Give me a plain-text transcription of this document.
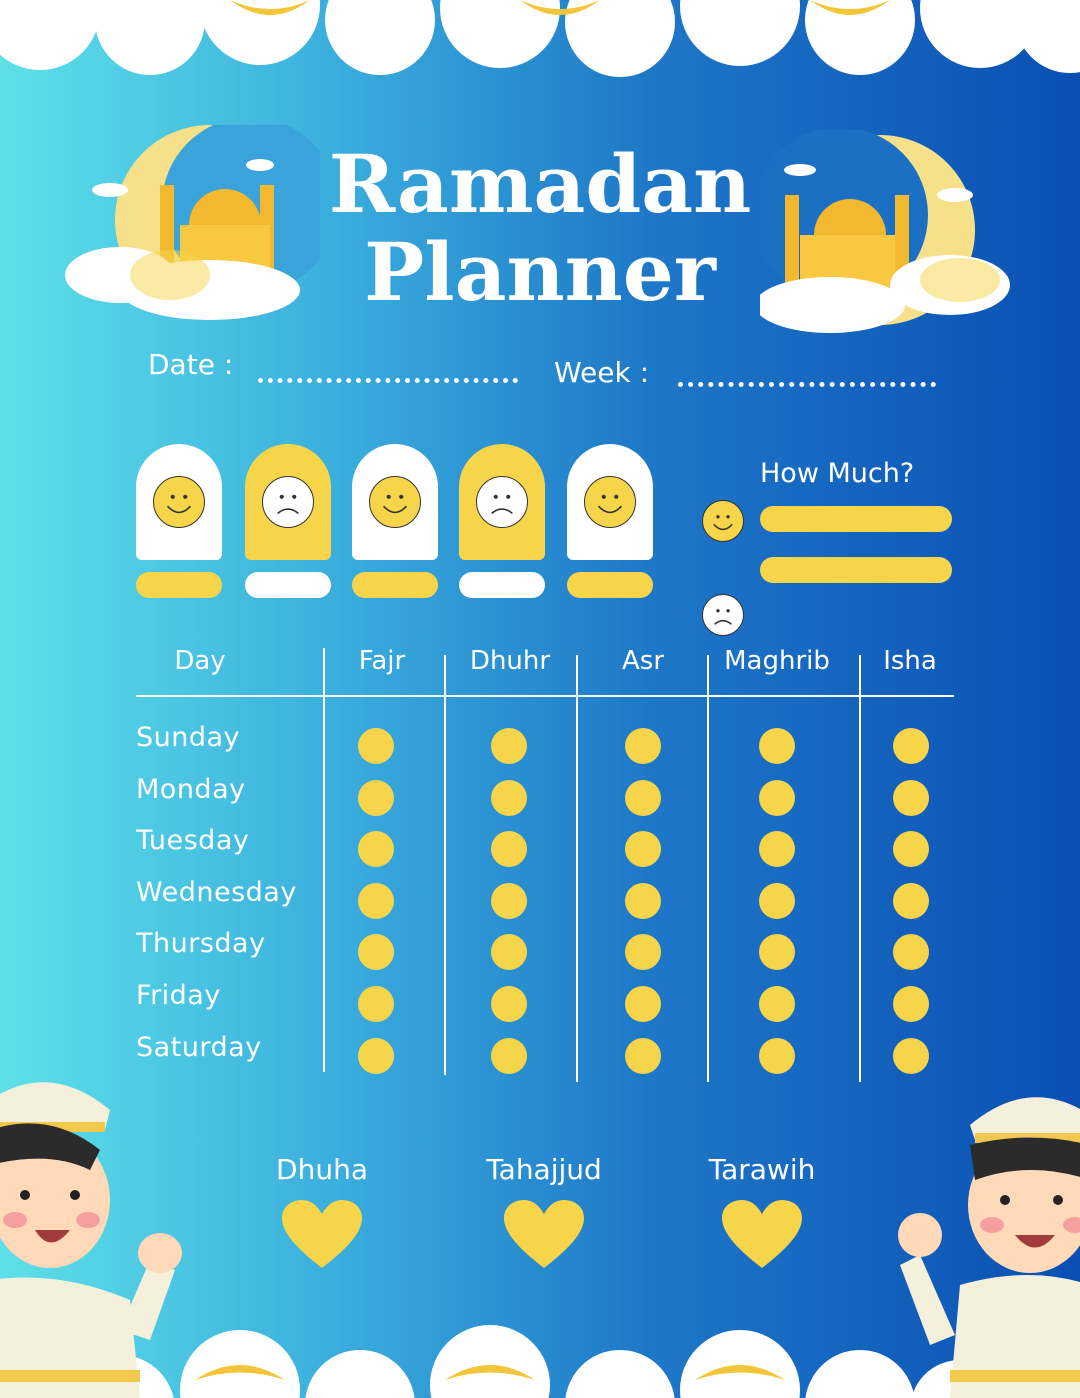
Ramadan
Planner
Date :	Week :
How Much?
Day	Fajr	Dhuhr	Asr	Maghrib	Isha
Sunday
Monday
Tuesday
Wednesday
Thursday
Friday
Saturday
Dhuha	Tahajjud	Tarawih
